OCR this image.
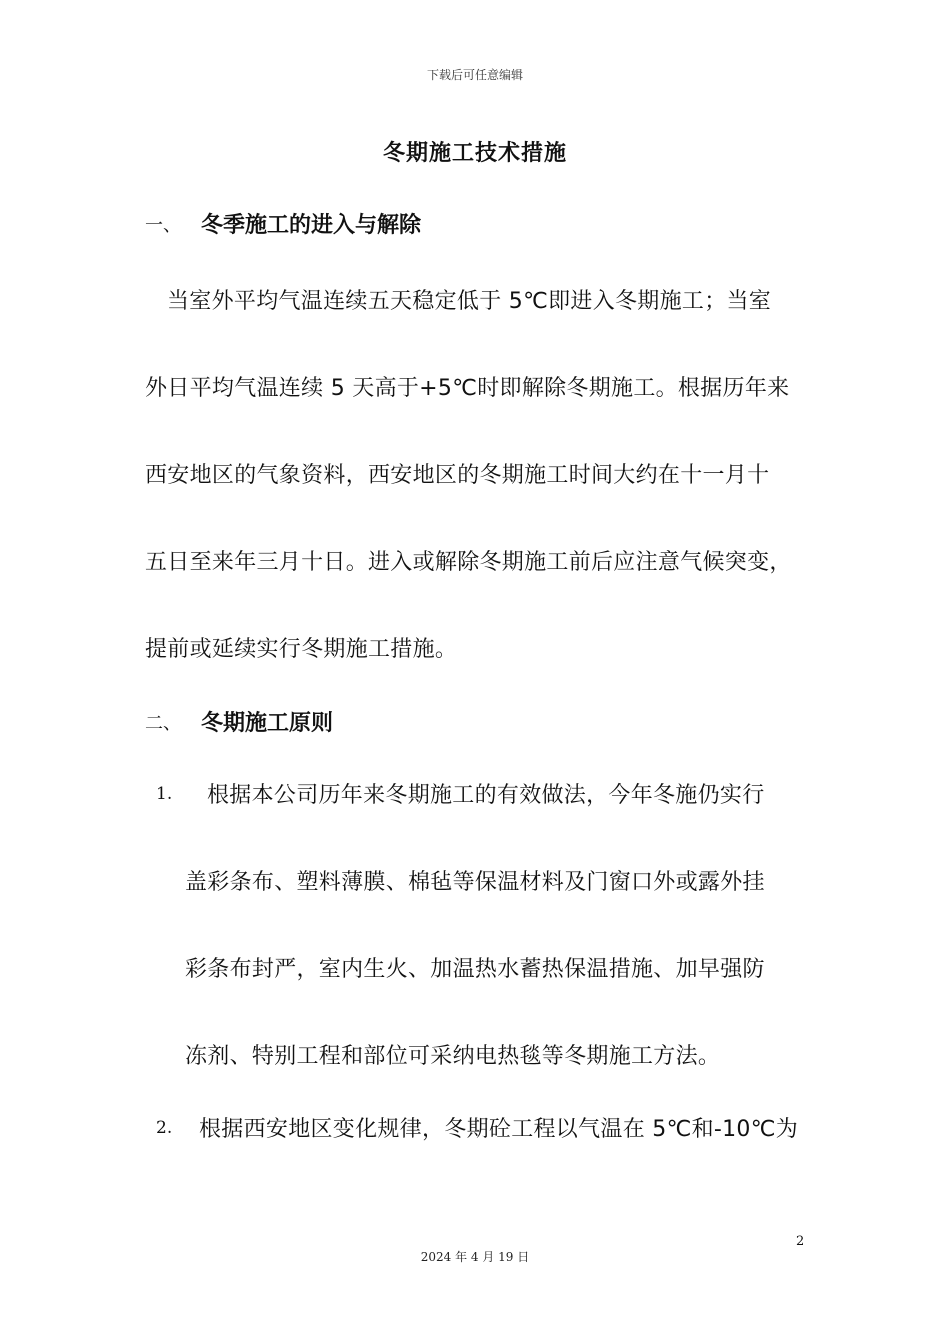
下载后可任意编辑
冬期施工技术措施
一、 冬季施工的进入与解除
当室外平均气温连续五天稳定低于 5℃即进入冬期施工；当室
外日平均气温连续 5 天高于+5℃时即解除冬期施工。根据历年来
西安地区的气象资料，西安地区的冬期施工时间大约在十一月十
五日至来年三月十日。进入或解除冬期施工前后应注意气候突变，
提前或延续实行冬期施工措施。
二、 冬期施工原则
1. 根据本公司历年来冬期施工的有效做法，今年冬施仍实行
盖彩条布、塑料薄膜、棉毡等保温材料及门窗口外或露外挂
彩条布封严，室内生火、加温热水蓄热保温措施、加早强防
冻剂、特别工程和部位可采纳电热毯等冬期施工方法。
2. 根据西安地区变化规律，冬期砼工程以气温在 5℃和-10℃为
2
2024 年 4 月 19 日
